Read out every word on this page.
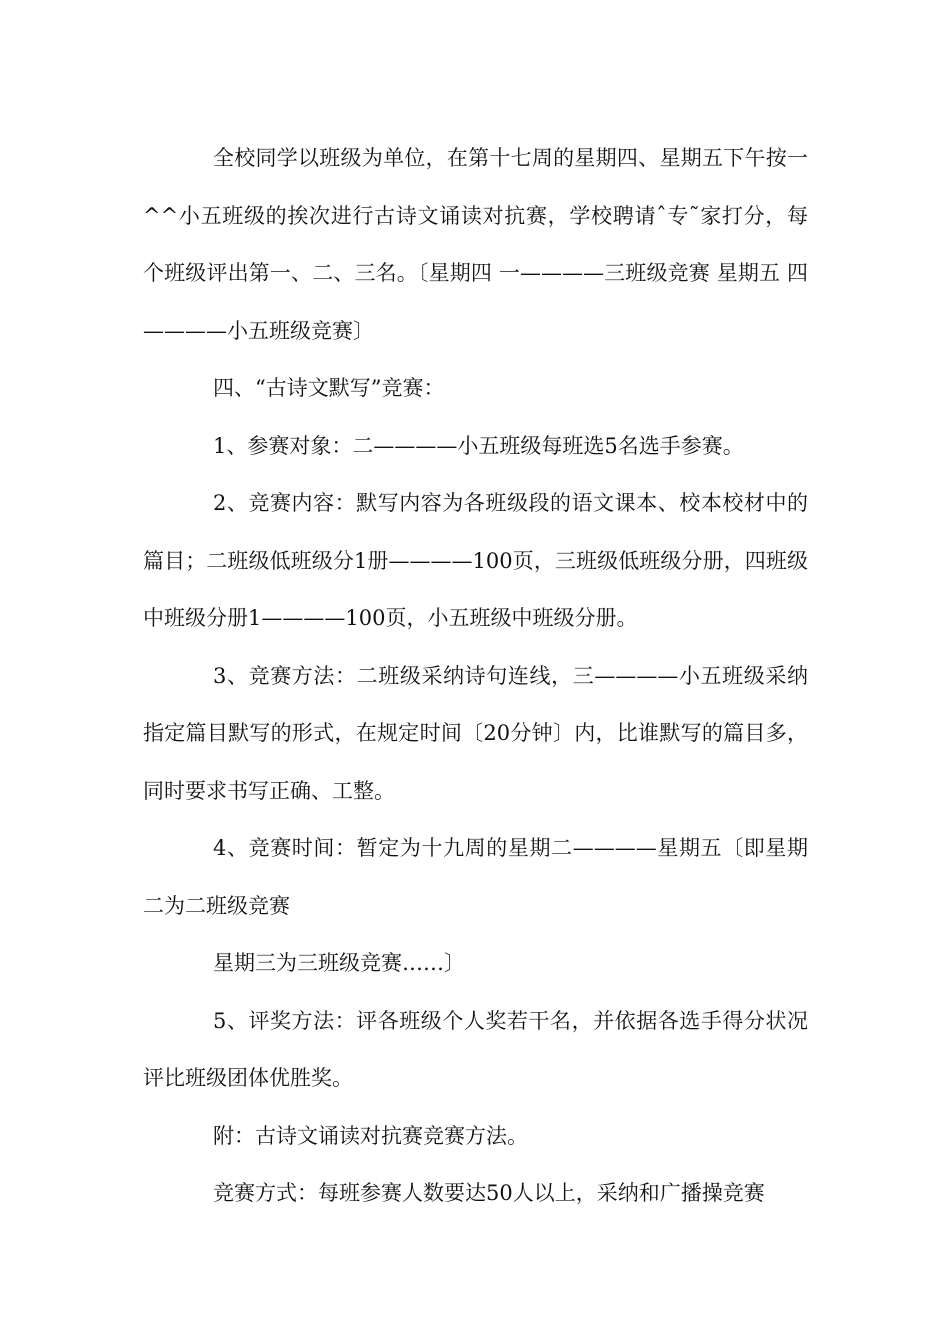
全校同学以班级为单位，在第十七周的星期四、星期五下午按一^^小五班级的挨次进行古诗文诵读对抗赛，学校聘请ˆ专˜家打分，每个班级评出第一、二、三名。〔星期四 一————三班级竞赛 星期五 四————小五班级竞赛〕

四、“古诗文默写”竞赛：

1、参赛对象：二————小五班级每班选5名选手参赛。

2、竞赛内容：默写内容为各班级段的语文课本、校本校材中的篇目；二班级低班级分1册————100页，三班级低班级分册，四班级中班级分册1————100页，小五班级中班级分册。

3、竞赛方法：二班级采纳诗句连线，三————小五班级采纳指定篇目默写的形式，在规定时间〔20分钟〕内，比谁默写的篇目多，同时要求书写正确、工整。

4、竞赛时间：暂定为十九周的星期二————星期五〔即星期二为二班级竞赛

星期三为三班级竞赛……〕

5、评奖方法：评各班级个人奖若干名，并依据各选手得分状况评比班级团体优胜奖。

附：古诗文诵读对抗赛竞赛方法。

竞赛方式：每班参赛人数要达50人以上，采纳和广播操竞赛
